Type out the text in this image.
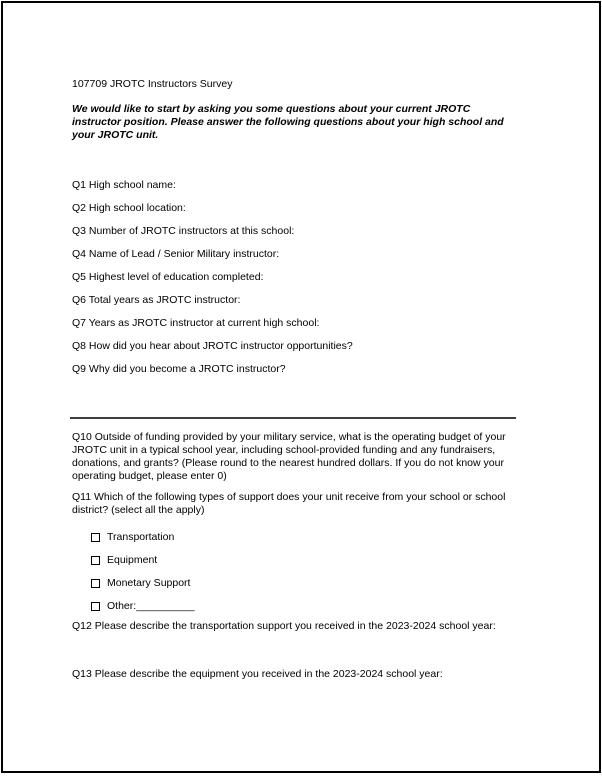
107709 JROTC Instructors Survey
We would like to start by asking you some questions about your current JROTC
instructor position. Please answer the following questions about your high school and
your JROTC unit.
Q1 High school name:
Q2 High school location:
Q3 Number of JROTC instructors at this school:
Q4 Name of Lead / Senior Military instructor:
Q5 Highest level of education completed:
Q6 Total years as JROTC instructor:
Q7 Years as JROTC instructor at current high school:
Q8 How did you hear about JROTC instructor opportunities?
Q9 Why did you become a JROTC instructor?
Q10 Outside of funding provided by your military service, what is the operating budget of your
JROTC unit in a typical school year, including school-provided funding and any fundraisers,
donations, and grants? (Please round to the nearest hundred dollars. If you do not know your
operating budget, please enter 0)
Q11 Which of the following types of support does your unit receive from your school or school
district? (select all the apply)
Transportation
Equipment
Monetary Support
Other: __________
Q12 Please describe the transportation support you received in the 2023-2024 school year:
Q13 Please describe the equipment you received in the 2023-2024 school year:
